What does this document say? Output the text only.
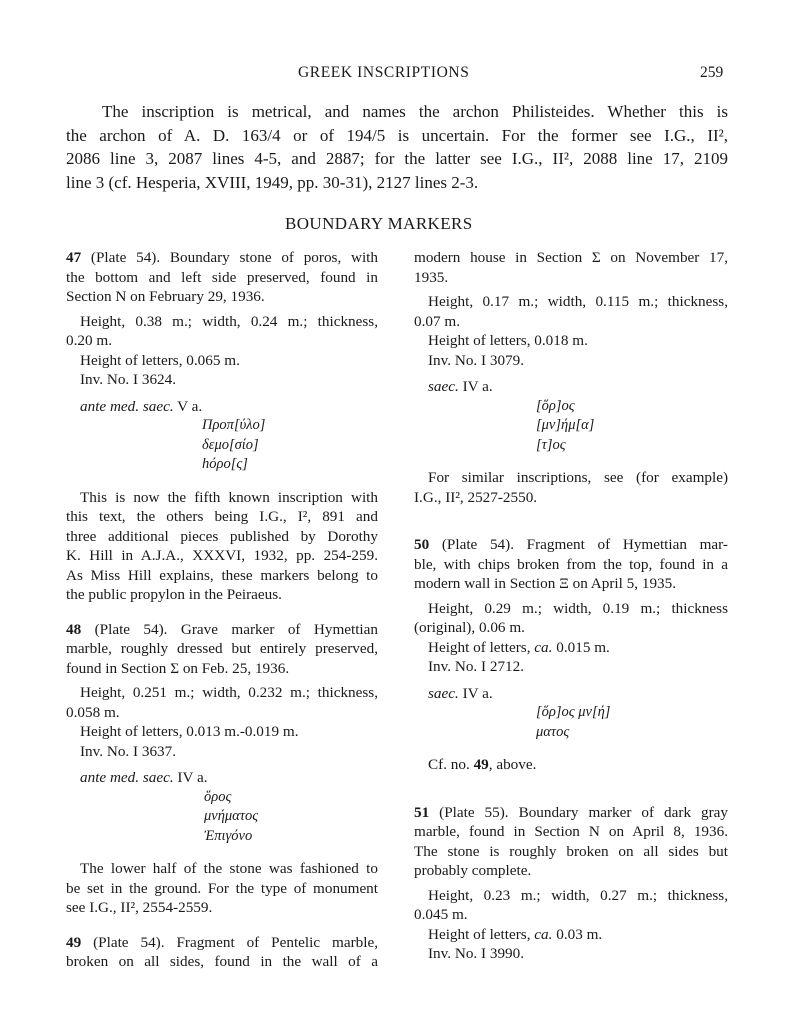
GREEK INSCRIPTIONS	259
The inscription is metrical, and names the archon Philisteides. Whether this is
the archon of A. D. 163/4 or of 194/5 is uncertain. For the former see I.G., II²,
2086 line 3, 2087 lines 4-5, and 2887; for the latter see I.G., II², 2088 line 17, 2109
line 3 (cf. Hesperia, XVIII, 1949, pp. 30-31), 2127 lines 2-3.
BOUNDARY MARKERS
47 (Plate 54). Boundary stone of poros, with
the bottom and left side preserved, found in
Section N on February 29, 1936.
Height, 0.38 m.; width, 0.24 m.; thickness,
0.20 m.
Height of letters, 0.065 m.
Inv. No. I 3624.
ante med. saec. V a.
Προπ[ύλο]
δεμο[σίο]
hόρο[ς]
This is now the fifth known inscription with
this text, the others being I.G., I², 891 and
three additional pieces published by Dorothy
K. Hill in A.J.A., XXXVI, 1932, pp. 254-259.
As Miss Hill explains, these markers belong to
the public propylon in the Peiraeus.
48 (Plate 54). Grave marker of Hymettian
marble, roughly dressed but entirely preserved,
found in Section Σ on Feb. 25, 1936.
Height, 0.251 m.; width, 0.232 m.; thickness,
0.058 m.
Height of letters, 0.013 m.-0.019 m.
Inv. No. I 3637.
ante med. saec. IV a.
ὅρος
μνήματος
Ἐπιγόνο
The lower half of the stone was fashioned to
be set in the ground. For the type of monument
see I.G., II², 2554-2559.
49 (Plate 54). Fragment of Pentelic marble,
broken on all sides, found in the wall of a
modern house in Section Σ on November 17,
1935.
Height, 0.17 m.; width, 0.115 m.; thickness,
0.07 m.
Height of letters, 0.018 m.
Inv. No. I 3079.
saec. IV a.
[ὅρ]ος
[μν]ήμ[α]
[τ]ος
For similar inscriptions, see (for example)
I.G., II², 2527-2550.
50 (Plate 54). Fragment of Hymettian mar-
ble, with chips broken from the top, found in a
modern wall in Section Ξ on April 5, 1935.
Height, 0.29 m.; width, 0.19 m.; thickness
(original), 0.06 m.
Height of letters, ca. 0.015 m.
Inv. No. I 2712.
saec. IV a.
[ὅρ]ος μν[ή]
ματος
Cf. no. 49, above.
51 (Plate 55). Boundary marker of dark gray
marble, found in Section N on April 8, 1936.
The stone is roughly broken on all sides but
probably complete.
Height, 0.23 m.; width, 0.27 m.; thickness,
0.045 m.
Height of letters, ca. 0.03 m.
Inv. No. I 3990.
